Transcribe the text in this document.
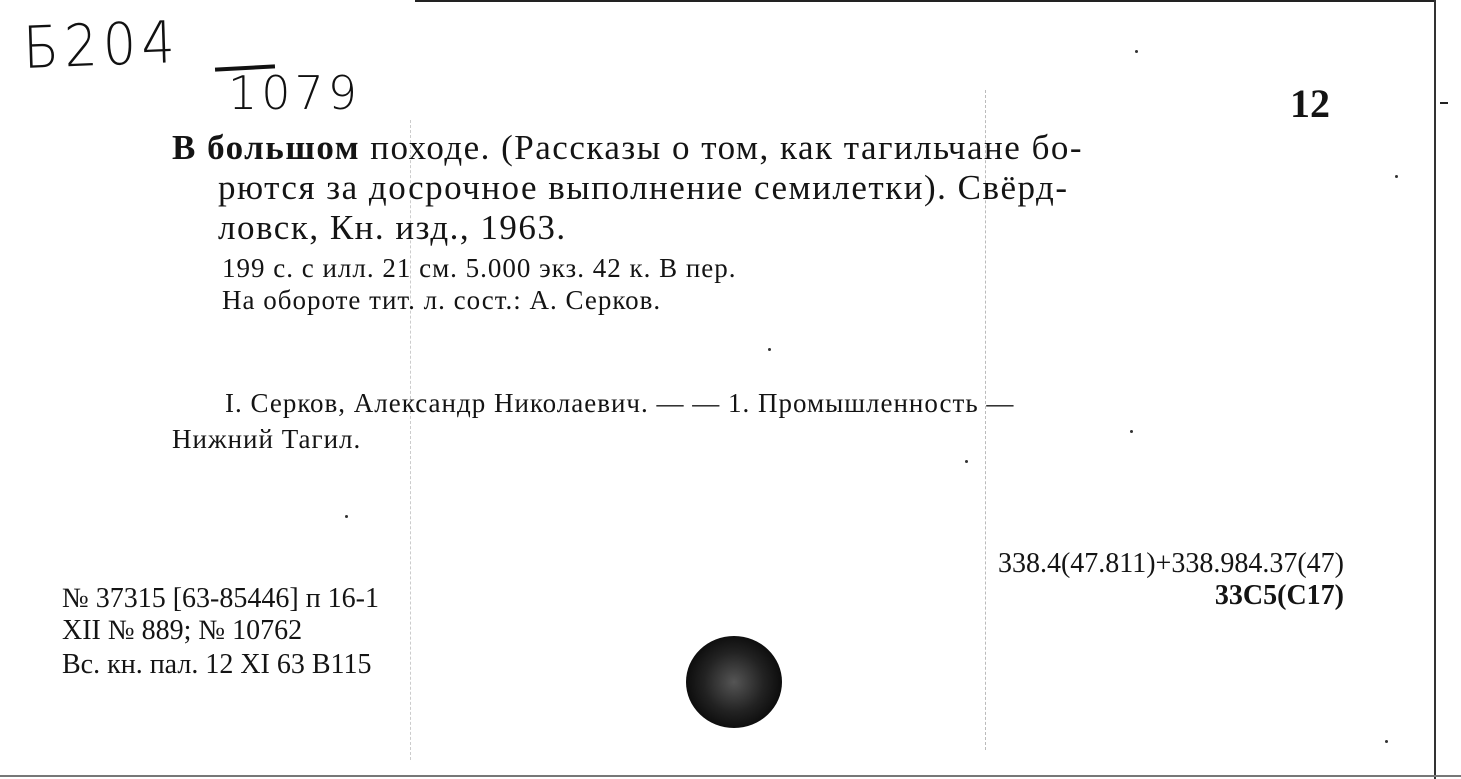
Б204
1079	12
В большом походе. (Рассказы о том, как тагильчане бо-
рются за досрочное выполнение семилетки). Свёрд-
ловск, Кн. изд., 1963.
199 с. с илл. 21 см. 5.000 экз. 42 к. В пер.
На обороте тит. л. сост.: А. Серков.
I. Серков, Александр Николаевич. — — 1. Промышленность —
Нижний Тагил.
338.4(47.811)+338.984.37(47)
33С5(С17)
№ 37315 [63-85446] п 16-1
XII № 889; № 10762
Вс. кн. пал. 12 XI 63 B115
